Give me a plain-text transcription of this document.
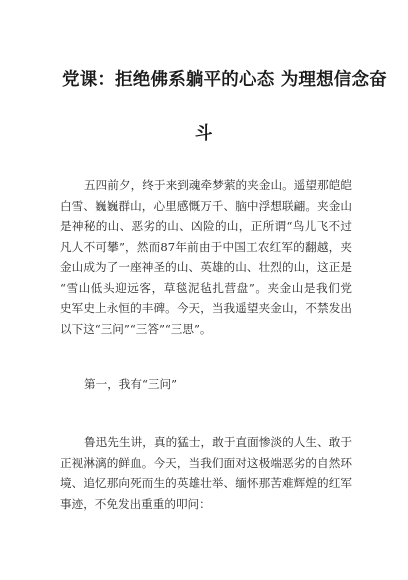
党课：拒绝佛系躺平的心态 为理想信念奋
斗
五四前夕，终于来到魂牵梦萦的夹金山。遥望那皑皑
白雪、巍巍群山，心里感慨万千、脑中浮想联翩。夹金山
是神秘的山、恶劣的山、凶险的山，正所谓“鸟儿飞不过
凡人不可攀”，然而87年前由于中国工农红军的翻越，夹
金山成为了一座神圣的山、英雄的山、壮烈的山，这正是
“雪山低头迎远客，草毯泥毡扎营盘”。夹金山是我们党
史军史上永恒的丰碑。今天，当我遥望夹金山，不禁发出
以下这“三问”“三答”“三思”。
第一，我有“三问”
鲁迅先生讲，真的猛士，敢于直面惨淡的人生、敢于
正视淋漓的鲜血。今天，当我们面对这极端恶劣的自然环
境、追忆那向死而生的英雄壮举、缅怀那苦难辉煌的红军
事迹，不免发出重重的叩问：
